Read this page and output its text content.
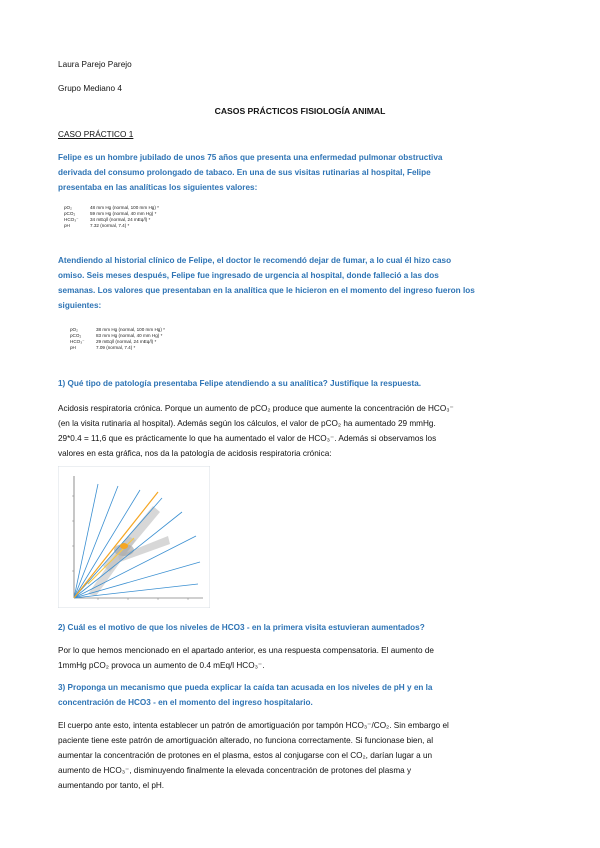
Laura Parejo Parejo
Grupo Mediano 4
CASOS PRÁCTICOS FISIOLOGÍA ANIMAL
CASO PRÁCTICO 1
Felipe es un hombre jubilado de unos 75 años que presenta una enfermedad pulmonar obstructiva
derivada del consumo prolongado de tabaco. En una de sus visitas rutinarias al hospital, Felipe
presentaba en las analíticas los siguientes valores:
pO₂	48 mm Hg (normal, 100 mm Hg) *
pCO₂	59 mm Hg (normal, 40 mm Hg) *
HCO₃⁻	34 mEq/l (normal, 24 mEq/l) *
pH	7.32 (normal, 7.4) *
Atendiendo al historial clínico de Felipe, el doctor le recomendó dejar de fumar, a lo cual él hizo caso
omiso. Seis meses después, Felipe fue ingresado de urgencia al hospital, donde falleció a las dos
semanas. Los valores que presentaban en la analítica que le hicieron en el momento del ingreso fueron los
siguientes:
pO₂	38 mm Hg (normal, 100 mm Hg) *
pCO₂	83 mm Hg (normal, 40 mm Hg) *
HCO₃⁻	29 mEq/l (normal, 24 mEq/l) *
pH	7.09 (normal, 7.4) *
1) Qué tipo de patología presentaba Felipe atendiendo a su analítica? Justifique la respuesta.
Acidosis respiratoria crónica. Porque un aumento de pCO₂ produce que aumente la concentración de HCO₃⁻
(en la visita rutinaria al hospital). Además según los cálculos, el valor de pCO₂ ha aumentado 29 mmHg.
29*0.4 = 11,6 que es prácticamente lo que ha aumentado el valor de HCO₃⁻. Además si observamos los
valores en esta gráfica, nos da la patología de acidosis respiratoria crónica:
2) Cuál es el motivo de que los niveles de HCO3 - en la primera visita estuvieran aumentados?
Por lo que hemos mencionado en el apartado anterior, es una respuesta compensatoria. El aumento de
1mmHg pCO₂ provoca un aumento de 0.4 mEq/l HCO₃⁻.
3) Proponga un mecanismo que pueda explicar la caída tan acusada en los niveles de pH y en la
concentración de HCO3 - en el momento del ingreso hospitalario.
El cuerpo ante esto, intenta establecer un patrón de amortiguación por tampón HCO₃⁻/CO₂. Sin embargo el
paciente tiene este patrón de amortiguación alterado, no funciona correctamente. Si funcionase bien, al
aumentar la concentración de protones en el plasma, estos al conjugarse con el CO₂, darían lugar a un
aumento de HCO₃⁻, disminuyendo finalmente la elevada concentración de protones del plasma y
aumentando por tanto, el pH.
